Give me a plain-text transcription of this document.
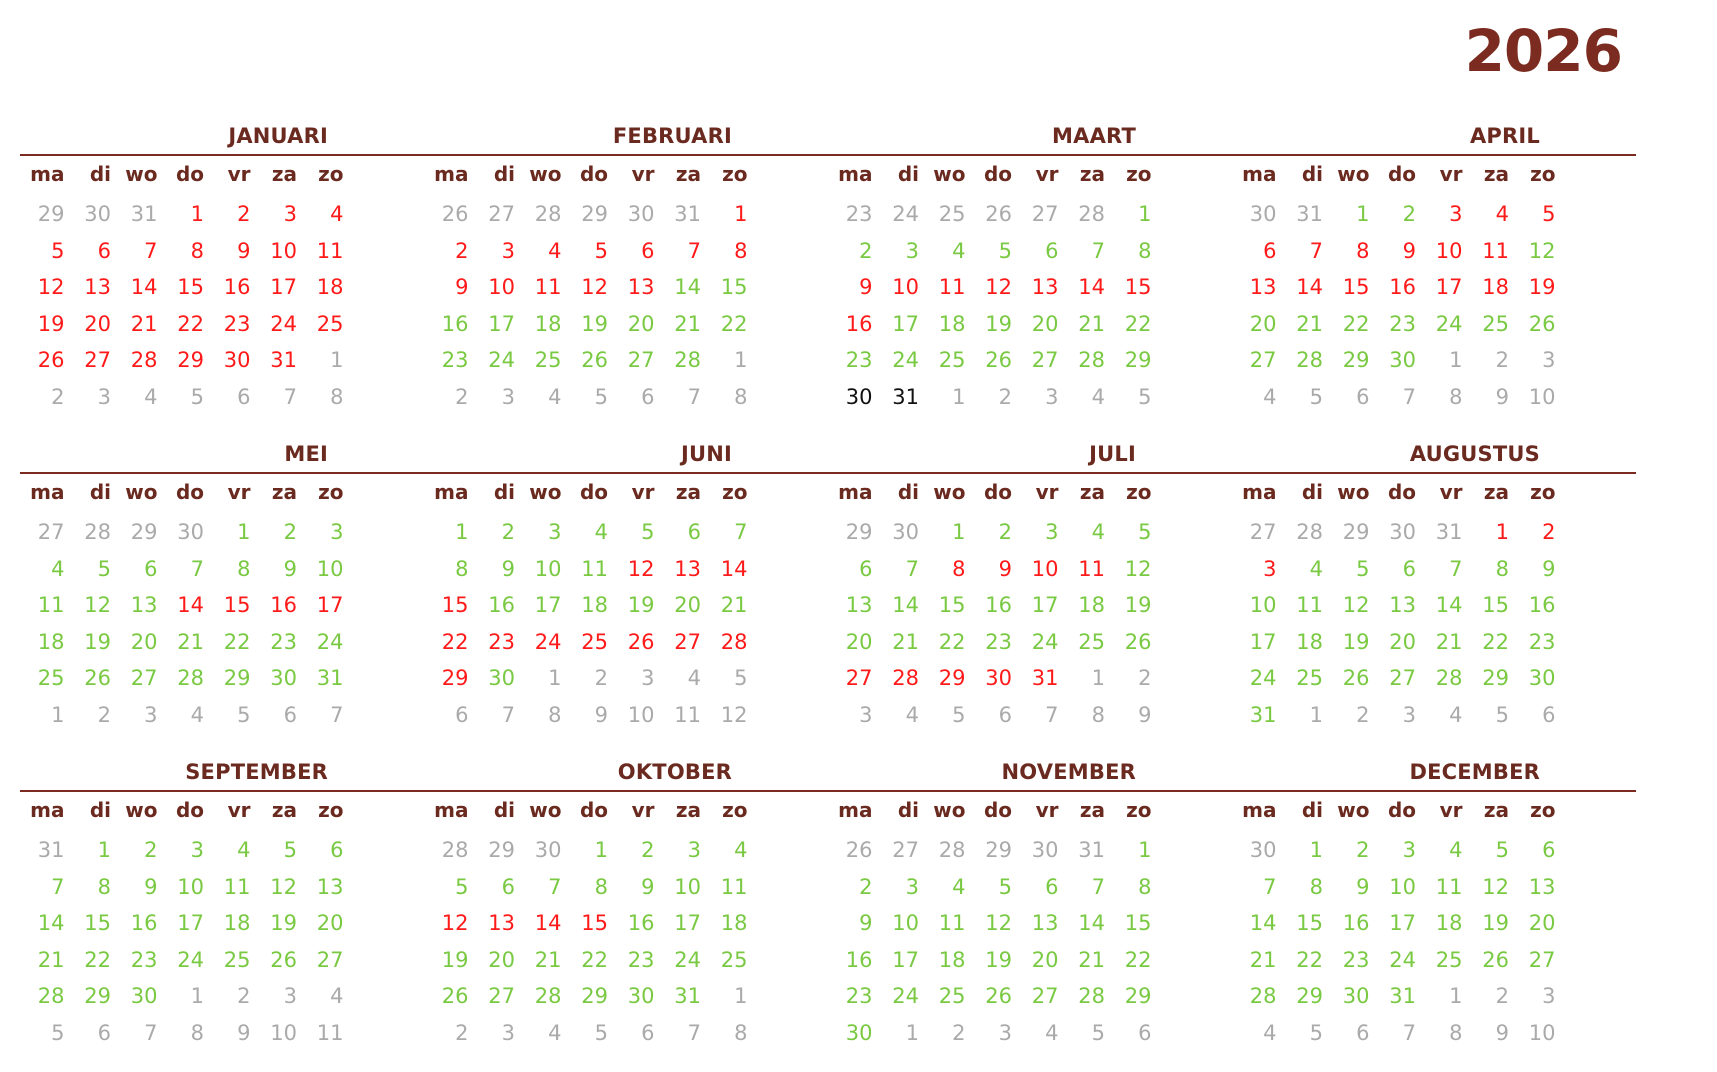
2026
JANUARI
ma	di wo do	vr	za	zo
29 30 31	1	2	3	4
5	6	7	8	9 10 11
12 13 14 15 16 17 18
19 20 21 22 23 24 25
26 27 28 29 30 31	1
2	3	4	5	6	7	8
FEBRUARI
ma	di wo do	vr	za	zo
26 27 28 29 30 31	1
2	3	4	5	6	7	8
9 10 11 12 13 14 15
16 17 18 19 20 21 22
23 24 25 26 27 28	1
2	3	4	5	6	7	8
MAART
ma	di wo do	vr	za	zo
23 24 25 26 27 28	1
2	3	4	5	6	7	8
9 10 11 12 13 14 15
16 17 18 19 20 21 22
23 24 25 26 27 28 29
30 31	1	2	3	4	5
APRIL
ma	di wo do	vr	za	zo
30 31	1	2	3	4	5
6	7	8	9 10 11 12
13 14 15 16 17 18 19
20 21 22 23 24 25 26
27 28 29 30	1	2	3
4	5	6	7	8	9 10
MEI
ma	di wo do	vr	za	zo
27 28 29 30	1	2	3
4	5	6	7	8	9 10
11 12 13 14 15 16 17
18 19 20 21 22 23 24
25 26 27 28 29 30 31
1	2	3	4	5	6	7
JUNI
ma	di wo do	vr	za	zo
1	2	3	4	5	6	7
8	9 10 11 12 13 14
15 16 17 18 19 20 21
22 23 24 25 26 27 28
29 30	1	2	3	4	5
6	7	8	9 10 11 12
JULI
ma	di wo do	vr	za	zo
29 30	1	2	3	4	5
6	7	8	9 10 11 12
13 14 15 16 17 18 19
20 21 22 23 24 25 26
27 28 29 30 31	1	2
3	4	5	6	7	8	9
AUGUSTUS
ma	di wo do	vr	za	zo
27 28 29 30 31	1	2
3	4	5	6	7	8	9
10 11 12 13 14 15 16
17 18 19 20 21 22 23
24 25 26 27 28 29 30
31	1	2	3	4	5	6
SEPTEMBER
ma	di wo do	vr	za	zo
31	1	2	3	4	5	6
7	8	9 10 11 12 13
14 15 16 17 18 19 20
21 22 23 24 25 26 27
28 29 30	1	2	3	4
5	6	7	8	9 10 11
OKTOBER
ma	di wo do	vr	za	zo
28 29 30	1	2	3	4
5	6	7	8	9 10 11
12 13 14 15 16 17 18
19 20 21 22 23 24 25
26 27 28 29 30 31	1
2	3	4	5	6	7	8
NOVEMBER
ma	di wo do	vr	za	zo
26 27 28 29 30 31	1
2	3	4	5	6	7	8
9 10 11 12 13 14 15
16 17 18 19 20 21 22
23 24 25 26 27 28 29
30	1	2	3	4	5	6
DECEMBER
ma	di wo do	vr	za	zo
30	1	2	3	4	5	6
7	8	9 10 11 12 13
14 15 16 17 18 19 20
21 22 23 24 25 26 27
28 29 30 31	1	2	3
4	5	6	7	8	9 10
